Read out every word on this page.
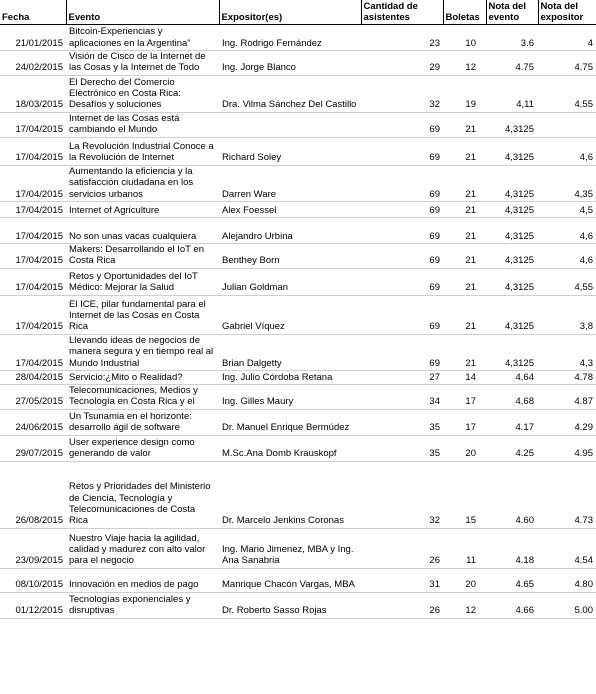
Fecha	Evento	Expositor(es)	Cantidad de asistentes	Boletas	Nota del evento	Nota del expositor
21/01/2015	Bitcoin-Experiencias y aplicaciones en la Argentina"	Ing. Rodrigo Fernández	23	10	3.6	4
24/02/2015	Visión de Cisco de la Internet de las Cosas y la Internet de Todo	Ing. Jorge Blanco	29	12	4.75	4.75
18/03/2015	El Derecho del Comercio Electrónico en Costa Rica: Desafíos y soluciones	Dra. Vilma Sánchez Del Castillo	32	19	4,11	4.55
17/04/2015	Internet de las Cosas está cambiando el Mundo		69	21	4,3125	
17/04/2015	La Revolución Industrial Conoce a la Revolución de Internet	Richard Soley	69	21	4,3125	4,6
17/04/2015	Aumentando la eficiencia y la satisfacción ciudadana en los servicios urbanos	Darren Ware	69	21	4,3125	4,35
17/04/2015	Internet of Agriculture	Alex Foessel	69	21	4,3125	4,5
17/04/2015	No son unas vacas cualquiera	Alejandro Urbina	69	21	4,3125	4,6
17/04/2015	Makers: Desarrollando el IoT en Costa Rica	Benthey Born	69	21	4,3125	4,6
17/04/2015	Retos y Oportunidades del IoT Médico: Mejorar la Salud	Julian Goldman	69	21	4,3125	4,55
17/04/2015	El ICE, pilar fundamental para el Internet de las Cosas en Costa Rica	Gabriel Víquez	69	21	4,3125	3,8
17/04/2015	Llevando ideas de negocios de manera segura y en tiempo real al Mundo Industrial	Brian Dalgetty	69	21	4,3125	4,3
28/04/2015	Servicio:¿Mito o Realidad?	Ing. Julio Córdoba Retana	27	14	4.64	4.78
27/05/2015	Telecomunicaciones, Medios y Tecnología en Costa Rica y el	Ing. Gilles Maury	34	17	4.68	4.87
24/06/2015	Un Tsunamia en el horizonte: desarrollo ágil de software	Dr. Manuel Enrique Bermúdez	35	17	4.17	4.29
29/07/2015	User experience design como generando de valor	M.Sc.Ana Domb Krauskopf	35	20	4.25	4.95
26/08/2015	Retos y Prioridades del Ministerio de Ciencia, Tecnología y Telecomunicaciones de Costa Rica	Dr. Marcelo Jenkins Coronas	32	15	4.60	4.73
23/09/2015	Nuestro Viaje hacia la agilidad, calidad y madurez con alto valor para el negocio	Ing. Mario Jimenez, MBA y Ing. Ana Sanabria	26	11	4.18	4.54
08/10/2015	Innovación en medios de pago	Manrique Chacón Vargas, MBA	31	20	4.65	4.80
01/12/2015	Tecnologías exponenciales y disruptivas	Dr. Roberto Sasso Rojas	26	12	4.66	5.00
